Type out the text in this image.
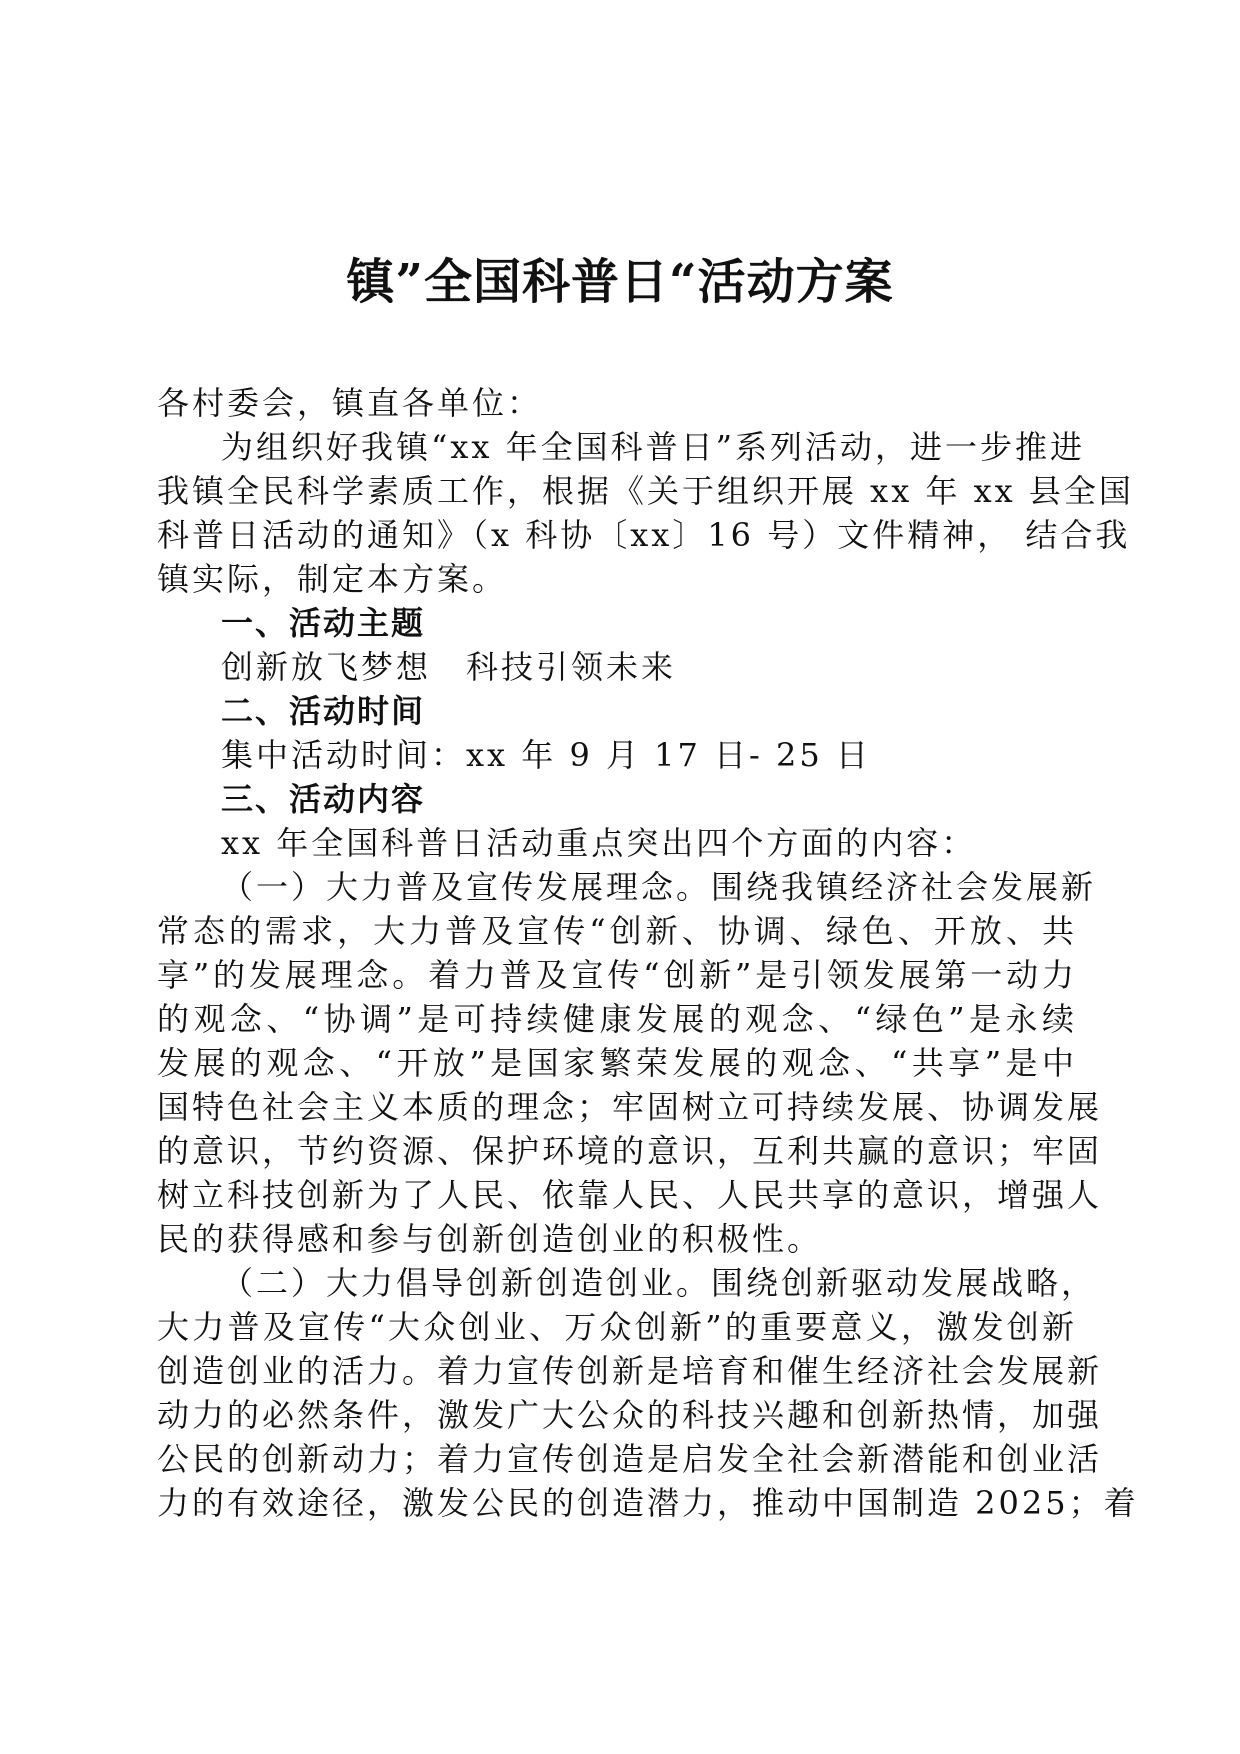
镇”全国科普日“活动方案

各村委会，镇直各单位：

为组织好我镇“xx 年全国科普日”系列活动，进一步推进

我镇全民科学素质工作，根据《关于组织开展 xx 年 xx 县全国

科普日活动的通知》（x 科协〔xx〕16 号）文件精神， 结合我

镇实际，制定本方案。

一、活动主题

创新放飞梦想　科技引领未来

二、活动时间

集中活动时间：xx 年 9 月 17 日- 25 日

三、活动内容

xx 年全国科普日活动重点突出四个方面的内容：

（一）大力普及宣传发展理念。围绕我镇经济社会发展新

常态的需求，大力普及宣传“创新、协调、绿色、开放、共

享”的发展理念。着力普及宣传“创新”是引领发展第一动力

的观念、“协调”是可持续健康发展的观念、“绿色”是永续

发展的观念、“开放”是国家繁荣发展的观念、“共享”是中

国特色社会主义本质的理念；牢固树立可持续发展、协调发展

的意识，节约资源、保护环境的意识，互利共赢的意识；牢固

树立科技创新为了人民、依靠人民、人民共享的意识，增强人

民的获得感和参与创新创造创业的积极性。

（二）大力倡导创新创造创业。围绕创新驱动发展战略，

大力普及宣传“大众创业、万众创新”的重要意义，激发创新

创造创业的活力。着力宣传创新是培育和催生经济社会发展新

动力的必然条件，激发广大公众的科技兴趣和创新热情，加强

公民的创新动力；着力宣传创造是启发全社会新潜能和创业活

力的有效途径，激发公民的创造潜力，推动中国制造 2025；着
